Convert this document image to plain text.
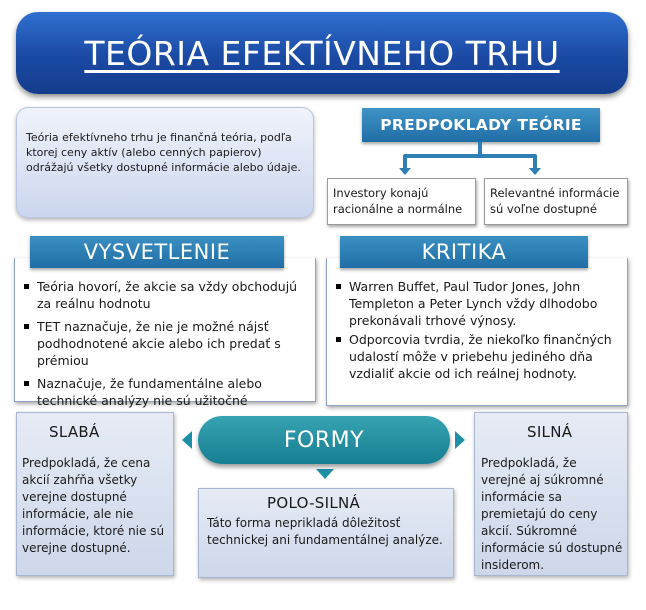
TEÓRIA EFEKTÍVNEHO TRHU
Teória efektívneho trhu je finančná teória, podľa ktorej ceny aktív (alebo cenných papierov) odrážajú všetky dostupné informácie alebo údaje.
PREDPOKLADY TEÓRIE
Investory konajú racionálne a normálne
Relevantné informácie sú voľne dostupné
Teória hovorí, že akcie sa vždy obchodujú za reálnu hodnotu
TET naznačuje, že nie je možné nájsť podhodnotené akcie alebo ich predať s prémiou
Naznačuje, že fundamentálne alebo technické analýzy nie sú užitočné
VYSVETLENIE
Warren Buffet, Paul Tudor Jones, John Templeton a Peter Lynch vždy dlhodobo prekonávali trhové výnosy.
Odporcovia tvrdia, že niekoľko finančných udalostí môže v priebehu jediného dňa vzdialiť akcie od ich reálnej hodnoty.
KRITIKA
SLABÁ
Predpokladá, že cena akcií zahŕňa všetky verejne dostupné informácie, ale nie informácie, ktoré nie sú verejne dostupné.
SILNÁ
Predpokladá, že verejné aj súkromné informácie sa premietajú do ceny akcií. Súkromné informácie sú dostupné insiderom.
POLO-SILNÁ
Táto forma neprikladá dôležitosť technickej ani fundamentálnej analýze.
FORMY
